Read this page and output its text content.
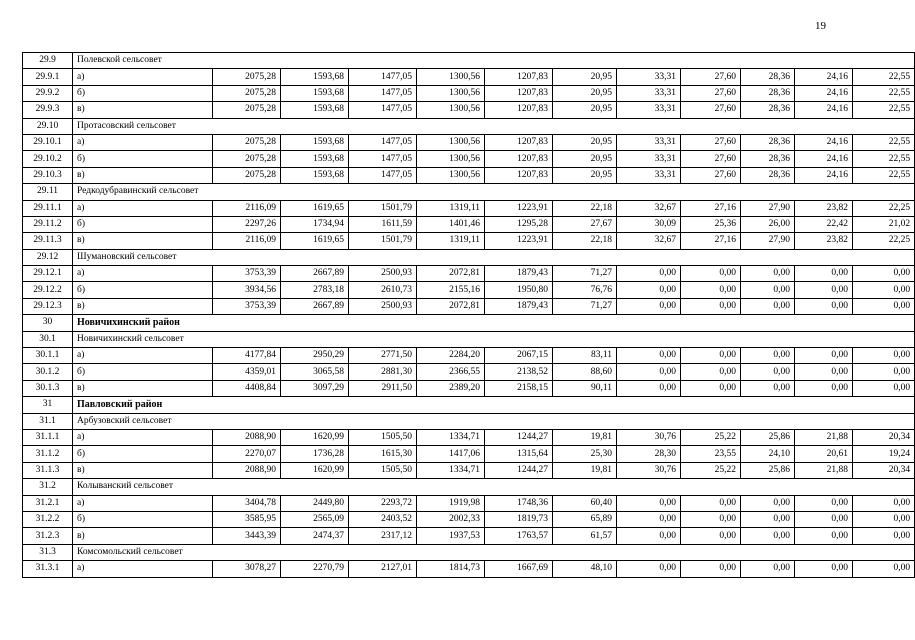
19
29.9	Полевской сельсовет											
29.9.1	а)	2075,28	1593,68	1477,05	1300,56	1207,83	20,95	33,31	27,60	28,36	24,16	22,55
29.9.2	б)	2075,28	1593,68	1477,05	1300,56	1207,83	20,95	33,31	27,60	28,36	24,16	22,55
29.9.3	в)	2075,28	1593,68	1477,05	1300,56	1207,83	20,95	33,31	27,60	28,36	24,16	22,55
29.10	Протасовский сельсовет											
29.10.1	а)	2075,28	1593,68	1477,05	1300,56	1207,83	20,95	33,31	27,60	28,36	24,16	22,55
29.10.2	б)	2075,28	1593,68	1477,05	1300,56	1207,83	20,95	33,31	27,60	28,36	24,16	22,55
29.10.3	в)	2075,28	1593,68	1477,05	1300,56	1207,83	20,95	33,31	27,60	28,36	24,16	22,55
29.11	Редкодубравинский сельсовет											
29.11.1	а)	2116,09	1619,65	1501,79	1319,11	1223,91	22,18	32,67	27,16	27,90	23,82	22,25
29.11.2	б)	2297,26	1734,94	1611,59	1401,46	1295,28	27,67	30,09	25,36	26,00	22,42	21,02
29.11.3	в)	2116,09	1619,65	1501,79	1319,11	1223,91	22,18	32,67	27,16	27,90	23,82	22,25
29.12	Шумановский сельсовет											
29.12.1	а)	3753,39	2667,89	2500,93	2072,81	1879,43	71,27	0,00	0,00	0,00	0,00	0,00
29.12.2	б)	3934,56	2783,18	2610,73	2155,16	1950,80	76,76	0,00	0,00	0,00	0,00	0,00
29.12.3	в)	3753,39	2667,89	2500,93	2072,81	1879,43	71,27	0,00	0,00	0,00	0,00	0,00
30	Новичихинский район											
30.1	Новичихинский сельсовет											
30.1.1	а)	4177,84	2950,29	2771,50	2284,20	2067,15	83,11	0,00	0,00	0,00	0,00	0,00
30.1.2	б)	4359,01	3065,58	2881,30	2366,55	2138,52	88,60	0,00	0,00	0,00	0,00	0,00
30.1.3	в)	4408,84	3097,29	2911,50	2389,20	2158,15	90,11	0,00	0,00	0,00	0,00	0,00
31	Павловский район											
31.1	Арбузовский сельсовет											
31.1.1	а)	2088,90	1620,99	1505,50	1334,71	1244,27	19,81	30,76	25,22	25,86	21,88	20,34
31.1.2	б)	2270,07	1736,28	1615,30	1417,06	1315,64	25,30	28,30	23,55	24,10	20,61	19,24
31.1.3	в)	2088,90	1620,99	1505,50	1334,71	1244,27	19,81	30,76	25,22	25,86	21,88	20,34
31.2	Колыванский сельсовет											
31.2.1	а)	3404,78	2449,80	2293,72	1919,98	1748,36	60,40	0,00	0,00	0,00	0,00	0,00
31.2.2	б)	3585,95	2565,09	2403,52	2002,33	1819,73	65,89	0,00	0,00	0,00	0,00	0,00
31.2.3	в)	3443,39	2474,37	2317,12	1937,53	1763,57	61,57	0,00	0,00	0,00	0,00	0,00
31.3	Комсомольский сельсовет											
31.3.1	а)	3078,27	2270,79	2127,01	1814,73	1667,69	48,10	0,00	0,00	0,00	0,00	0,00
